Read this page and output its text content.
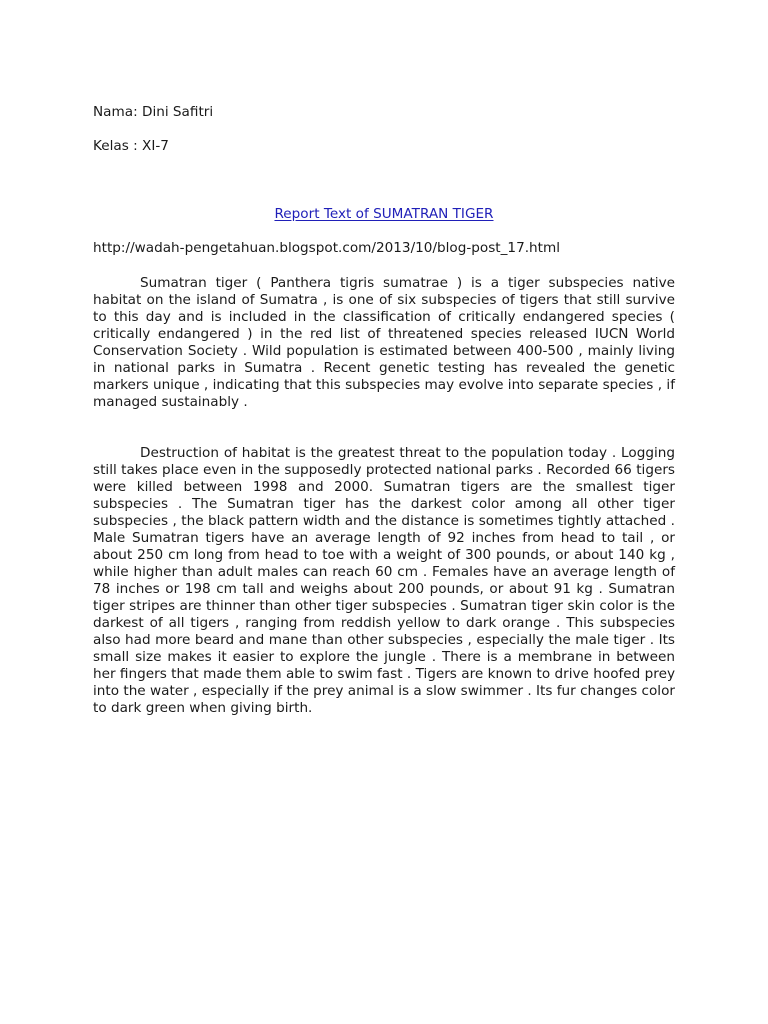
Nama: Dini Safitri
Kelas : XI-7
Report Text of SUMATRAN TIGER
http://wadah-pengetahuan.blogspot.com/2013/10/blog-post_17.html

Sumatran tiger ( Panthera tigris sumatrae ) is a tiger subspecies native habitat on the island of Sumatra , is one of six subspecies of tigers that still survive to this day and is included in the classification of critically endangered species ( critically endangered ) in the red list of threatened species released IUCN World Conservation Society . Wild population is estimated between 400-500 , mainly living in national parks in Sumatra . Recent genetic testing has revealed the genetic markers unique , indicating that this subspecies may evolve into separate species , if managed sustainably .

Destruction of habitat is the greatest threat to the population today . Logging still takes place even in the supposedly protected national parks . Recorded 66 tigers were killed between 1998 and 2000. Sumatran tigers are the smallest tiger subspecies . The Sumatran tiger has the darkest color among all other tiger subspecies , the black pattern width and the distance is sometimes tightly attached . Male Sumatran tigers have an average length of 92 inches from head to tail , or about 250 cm long from head to toe with a weight of 300 pounds, or about 140 kg , while higher than adult males can reach 60 cm . Females have an average length of 78 inches or 198 cm tall and weighs about 200 pounds, or about 91 kg . Sumatran tiger stripes are thinner than other tiger subspecies . Sumatran tiger skin color is the darkest of all tigers , ranging from reddish yellow to dark orange . This subspecies also had more beard and mane than other subspecies , especially the male tiger . Its small size makes it easier to explore the jungle . There is a membrane in between her fingers that made them able to swim fast . Tigers are known to drive hoofed prey into the water , especially if the prey animal is a slow swimmer . Its fur changes color to dark green when giving birth.
